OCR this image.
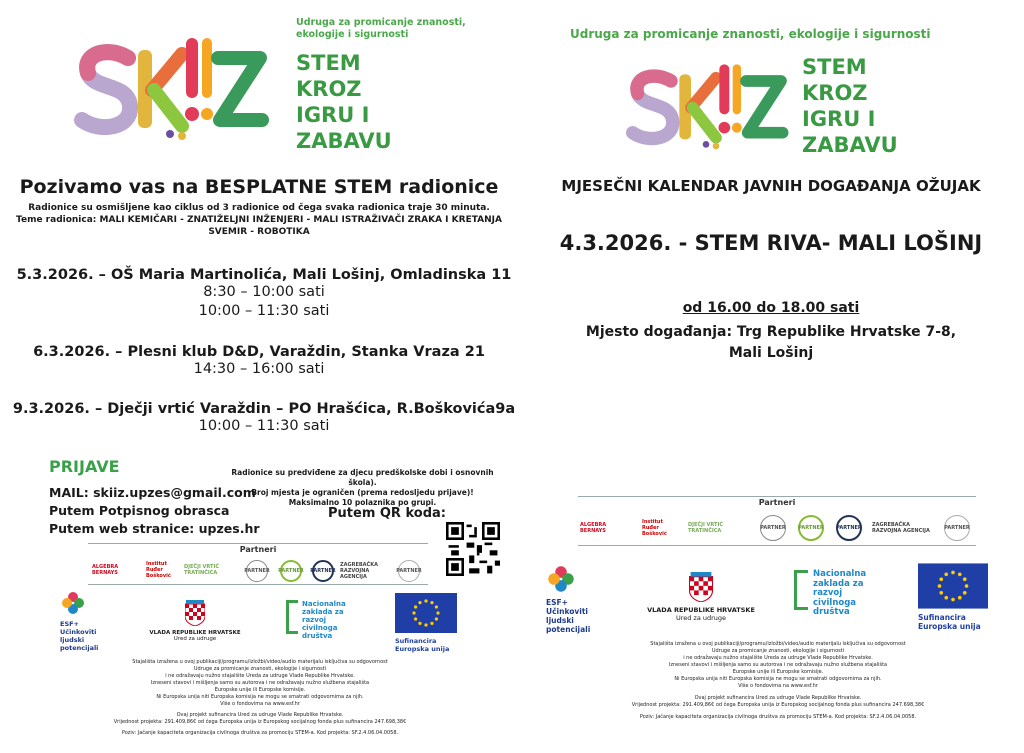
Udruga za promicanje znanosti,
ekologije i sigurnosti
STEM
KROZ
IGRU I
ZABAVU
Pozivamo vas na BESPLATNE STEM radionice
Radionice su osmišljene kao ciklus od 3 radionice od čega svaka radionica traje 30 minuta.
Teme radionica: MALI KEMIČARI - ZNATIŽELJNI INŽENJERI - MALI ISTRAŽIVAČI ZRAKA I KRETANJA
SVEMIR - ROBOTIKA
5.3.2026. – OŠ Maria Martinolića, Mali Lošinj, Omladinska 11
8:30 – 10:00 sati
10:00 – 11:30 sati
6.3.2026. – Plesni klub D&D, Varaždin, Stanka Vraza 21
14:30 – 16:00 sati
9.3.2026. – Dječji vrtić Varaždin – PO Hrašćica, R.Boškovića9a
10:00 – 11:30 sati
PRIJAVE
MAIL: skiiz.upzes@gmail.com
Putem Potpisnog obrasca
Putem web stranice: upzes.hr
Radionice su predviđene za djecu predškolske dobi i osnovnih škola).
Broj mjesta je ograničen (prema redosljedu prijave)!
Maksimalno 10 polaznika po grupi.
Putem QR koda:
Partneri
ALGEBRA BERNAYS
Institut Ruđer Bošković
DJEČJI VRTIĆ TRATINČICA	PARTNER PARTNER PARTNER
ZAGREBAČKA RAZVOJNA AGENCIJA
PARTNER
ESF+
Učinkoviti
ljudski
potencijali
VLADA REPUBLIKE HRVATSKE
Ured za udruge
Nacionalna
zaklada za
razvoj
civilnoga
društva
Sufinancira
Europska unija
Stajališta izražena u ovoj publikaciji/programu/izložbi/video/audio materijalu isključiva su odgovornost
Udruge za promicanje znanosti, ekologije i sigurnosti
i ne odražavaju nužno stajalište Ureda za udruge Vlade Republike Hrvatske.
Izneseni stavovi i mišljenja samo su autorova i ne odražavaju nužno službena stajališta
Europske unije ili Europske komisije.
Ni Europska unija niti Europska komisija ne mogu se smatrati odgovornima za njih.
Više o fondovima na www.esf.hr
Ovaj projekt sufinancira Ured za udruge Vlade Republike Hrvatske.
Vrijednost projekta: 291.409,86€ od čega Europska unija iz Europskog socijalnog fonda plus sufinancira 247.698,38€
Poziv: Jačanje kapaciteta organizacija civilnoga društva za promociju STEM-a. Kod projekta: SF.2.4.06.04.0058.
Udruga za promicanje znanosti, ekologije i sigurnosti
STEM
KROZ
IGRU I
ZABAVU
MJESEČNI KALENDAR JAVNIH DOGAĐANJA OŽUJAK
4.3.2026. - STEM RIVA- MALI LOŠINJ
od 16.00 do 18.00 sati
Mjesto događanja: Trg Republike Hrvatske 7-8,
Mali Lošinj
Partneri
ALGEBRA BERNAYS
Institut Ruđer Bošković
DJEČJI VRTIĆ TRATINČICA	PARTNER PARTNER PARTNER ZAGREBAČKA RAZVOJNA AGENCIJA	PARTNER
ESF+
Učinkoviti
ljudski
potencijali
VLADA REPUBLIKE HRVATSKE
Ured za udruge
Nacionalna
zaklada za
razvoj
civilnoga
društva
Sufinancira
Europska unija
Stajališta izražena u ovoj publikaciji/programu/izložbi/video/audio materijalu isključiva su odgovornost
Udruge za promicanje znanosti, ekologije i sigurnosti
i ne odražavaju nužno stajalište Ureda za udruge Vlade Republike Hrvatske.
Izneseni stavovi i mišljenja samo su autorova i ne odražavaju nužno službena stajališta
Europske unije ili Europske komisije.
Ni Europska unija niti Europska komisija ne mogu se smatrati odgovornima za njih.
Više o fondovima na www.esf.hr
Ovaj projekt sufinancira Ured za udruge Vlade Republike Hrvatske.
Vrijednost projekta: 291.409,86€ od čega Europska unija iz Europskog socijalnog fonda plus sufinancira 247.698,38€
Poziv: Jačanje kapaciteta organizacija civilnoga društva za promociju STEM-a. Kod projekta: SF.2.4.06.04.0058.
